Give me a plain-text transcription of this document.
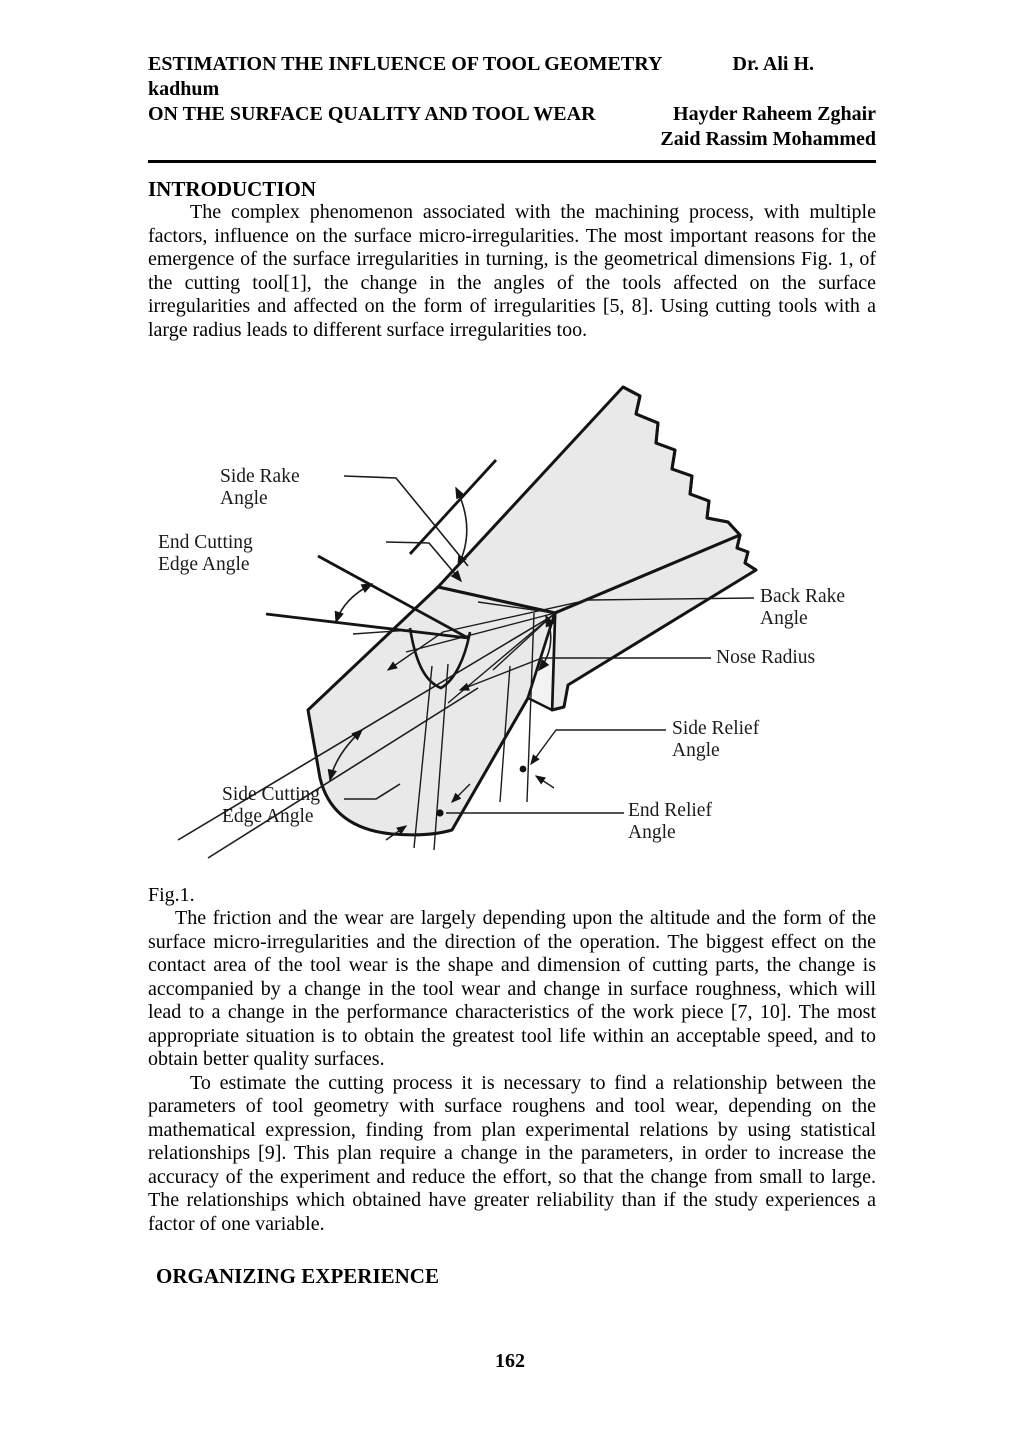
ESTIMATION THE INFLUENCE OF TOOL GEOMETRY	Dr. Ali H.
kadhum
ON THE SURFACE QUALITY AND TOOL WEAR	Hayder Raheem Zghair
Zaid Rassim Mohammed
INTRODUCTION

The complex phenomenon associated with the machining process, with multiple factors, influence on the surface micro-irregularities. The most important reasons for the emergence of the surface irregularities in turning, is the geometrical dimensions Fig. 1, of the cutting tool[1], the change in the angles of the tools affected on the surface irregularities and affected on the form of irregularities [5, 8]. Using cutting tools with a large radius leads to different surface irregularities too.

Side Rake Angle
End Cutting Edge Angle
Back Rake Angle
Nose Radius
Side Relief Angle
Side Cutting Edge Angle	End Relief Angle

Fig.1.

The friction and the wear are largely depending upon the altitude and the form of the surface micro-irregularities and the direction of the operation. The biggest effect on the contact area of the tool wear is the shape and dimension of cutting parts, the change is accompanied by a change in the tool wear and change in surface roughness, which will lead to a change in the performance characteristics of the work piece [7, 10]. The most appropriate situation is to obtain the greatest tool life within an acceptable speed, and to obtain better quality surfaces.

To estimate the cutting process it is necessary to find a relationship between the parameters of tool geometry with surface roughens and tool wear, depending on the mathematical expression, finding from plan experimental relations by using statistical relationships [9]. This plan require a change in the parameters, in order to increase the accuracy of the experiment and reduce the effort, so that the change from small to large. The relationships which obtained have greater reliability than if the study experiences a factor of one variable.

ORGANIZING EXPERIENCE
162
